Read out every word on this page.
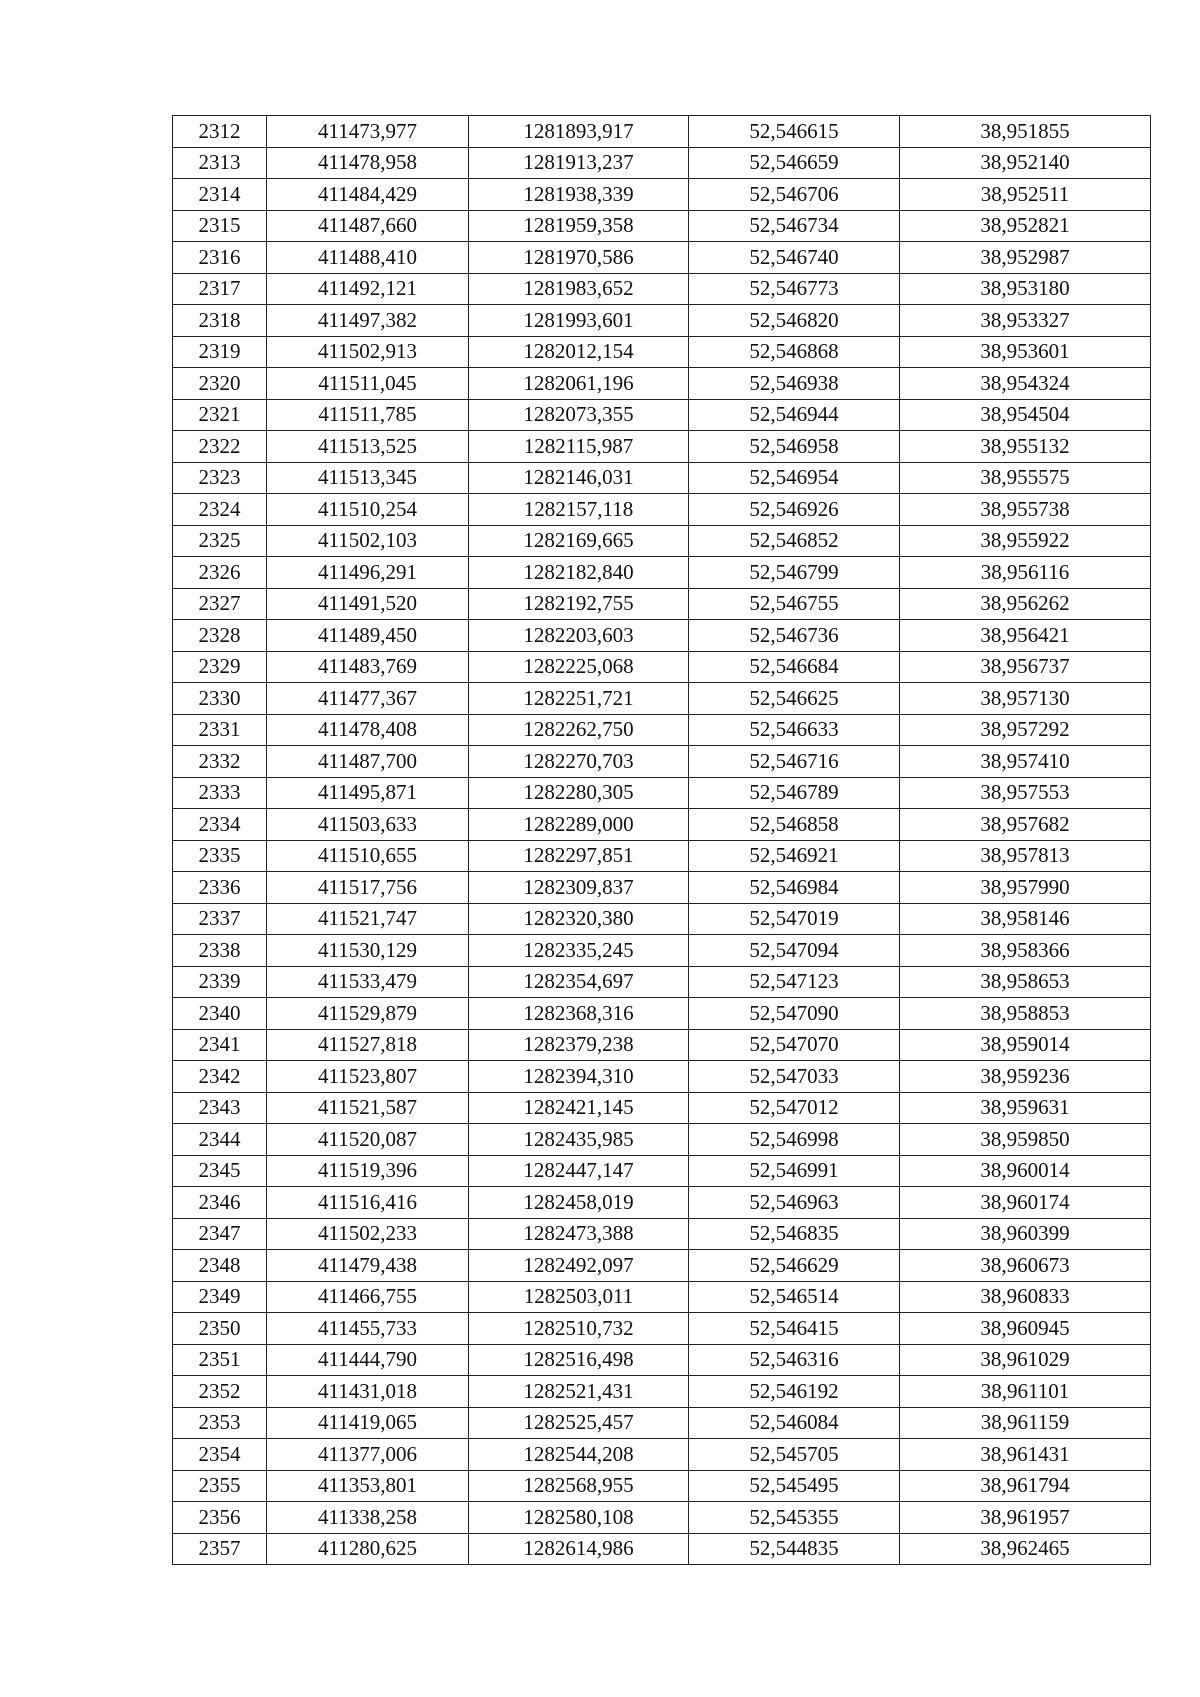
2312	411473,977	1281893,917	52,546615	38,951855
2313	411478,958	1281913,237	52,546659	38,952140
2314	411484,429	1281938,339	52,546706	38,952511
2315	411487,660	1281959,358	52,546734	38,952821
2316	411488,410	1281970,586	52,546740	38,952987
2317	411492,121	1281983,652	52,546773	38,953180
2318	411497,382	1281993,601	52,546820	38,953327
2319	411502,913	1282012,154	52,546868	38,953601
2320	411511,045	1282061,196	52,546938	38,954324
2321	411511,785	1282073,355	52,546944	38,954504
2322	411513,525	1282115,987	52,546958	38,955132
2323	411513,345	1282146,031	52,546954	38,955575
2324	411510,254	1282157,118	52,546926	38,955738
2325	411502,103	1282169,665	52,546852	38,955922
2326	411496,291	1282182,840	52,546799	38,956116
2327	411491,520	1282192,755	52,546755	38,956262
2328	411489,450	1282203,603	52,546736	38,956421
2329	411483,769	1282225,068	52,546684	38,956737
2330	411477,367	1282251,721	52,546625	38,957130
2331	411478,408	1282262,750	52,546633	38,957292
2332	411487,700	1282270,703	52,546716	38,957410
2333	411495,871	1282280,305	52,546789	38,957553
2334	411503,633	1282289,000	52,546858	38,957682
2335	411510,655	1282297,851	52,546921	38,957813
2336	411517,756	1282309,837	52,546984	38,957990
2337	411521,747	1282320,380	52,547019	38,958146
2338	411530,129	1282335,245	52,547094	38,958366
2339	411533,479	1282354,697	52,547123	38,958653
2340	411529,879	1282368,316	52,547090	38,958853
2341	411527,818	1282379,238	52,547070	38,959014
2342	411523,807	1282394,310	52,547033	38,959236
2343	411521,587	1282421,145	52,547012	38,959631
2344	411520,087	1282435,985	52,546998	38,959850
2345	411519,396	1282447,147	52,546991	38,960014
2346	411516,416	1282458,019	52,546963	38,960174
2347	411502,233	1282473,388	52,546835	38,960399
2348	411479,438	1282492,097	52,546629	38,960673
2349	411466,755	1282503,011	52,546514	38,960833
2350	411455,733	1282510,732	52,546415	38,960945
2351	411444,790	1282516,498	52,546316	38,961029
2352	411431,018	1282521,431	52,546192	38,961101
2353	411419,065	1282525,457	52,546084	38,961159
2354	411377,006	1282544,208	52,545705	38,961431
2355	411353,801	1282568,955	52,545495	38,961794
2356	411338,258	1282580,108	52,545355	38,961957
2357	411280,625	1282614,986	52,544835	38,962465
